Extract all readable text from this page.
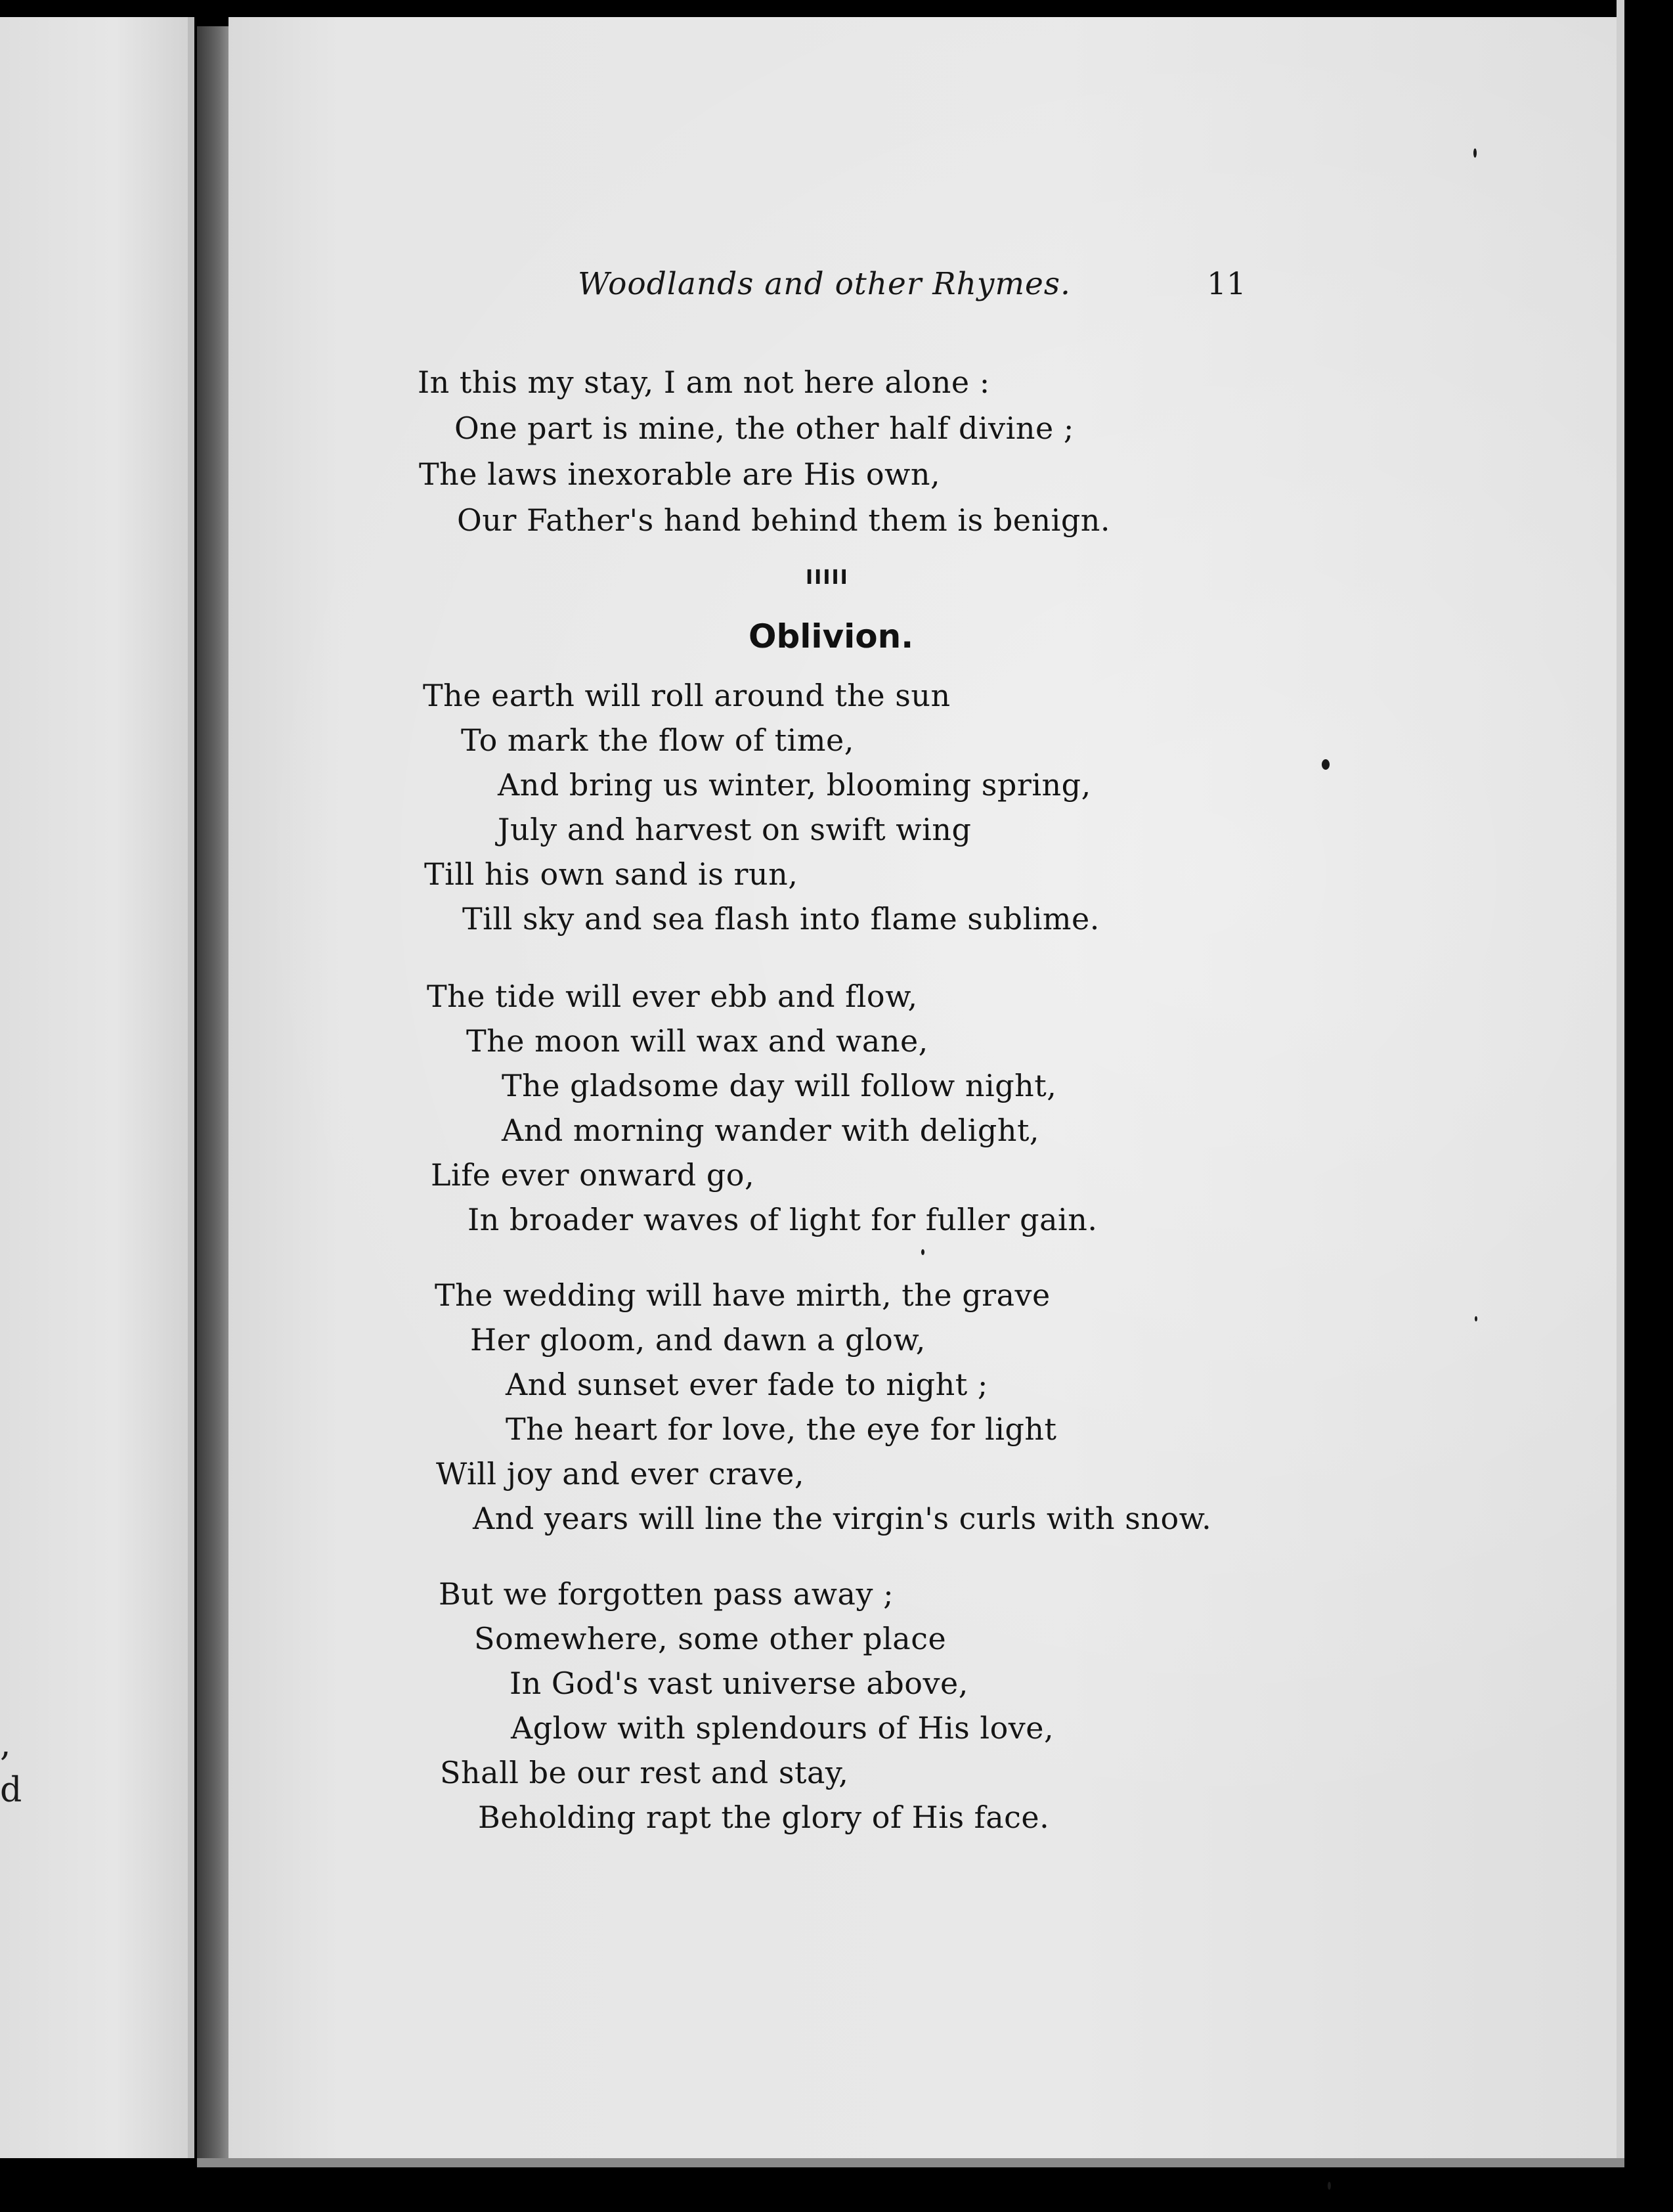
,
d
Woodlands and other Rhymes.	11
In this my stay, I am not here alone :
One part is mine, the other half divine ;
The laws inexorable are His own,
Our Father's hand behind them is benign.
IIIII
Oblivion.
The earth will roll around the sun
To mark the flow of time,
And bring us winter, blooming spring,
July and harvest on swift wing
Till his own sand is run,
Till sky and sea flash into flame sublime.
The tide will ever ebb and flow,
The moon will wax and wane,
The gladsome day will follow night,
And morning wander with delight,
Life ever onward go,
In broader waves of light for fuller gain.
The wedding will have mirth, the grave
Her gloom, and dawn a glow,
And sunset ever fade to night ;
The heart for love, the eye for light
Will joy and ever crave,
And years will line the virgin's curls with snow.
But we forgotten pass away ;
Somewhere, some other place
In God's vast universe above,
Aglow with splendours of His love,
Shall be our rest and stay,
Beholding rapt the glory of His face.
